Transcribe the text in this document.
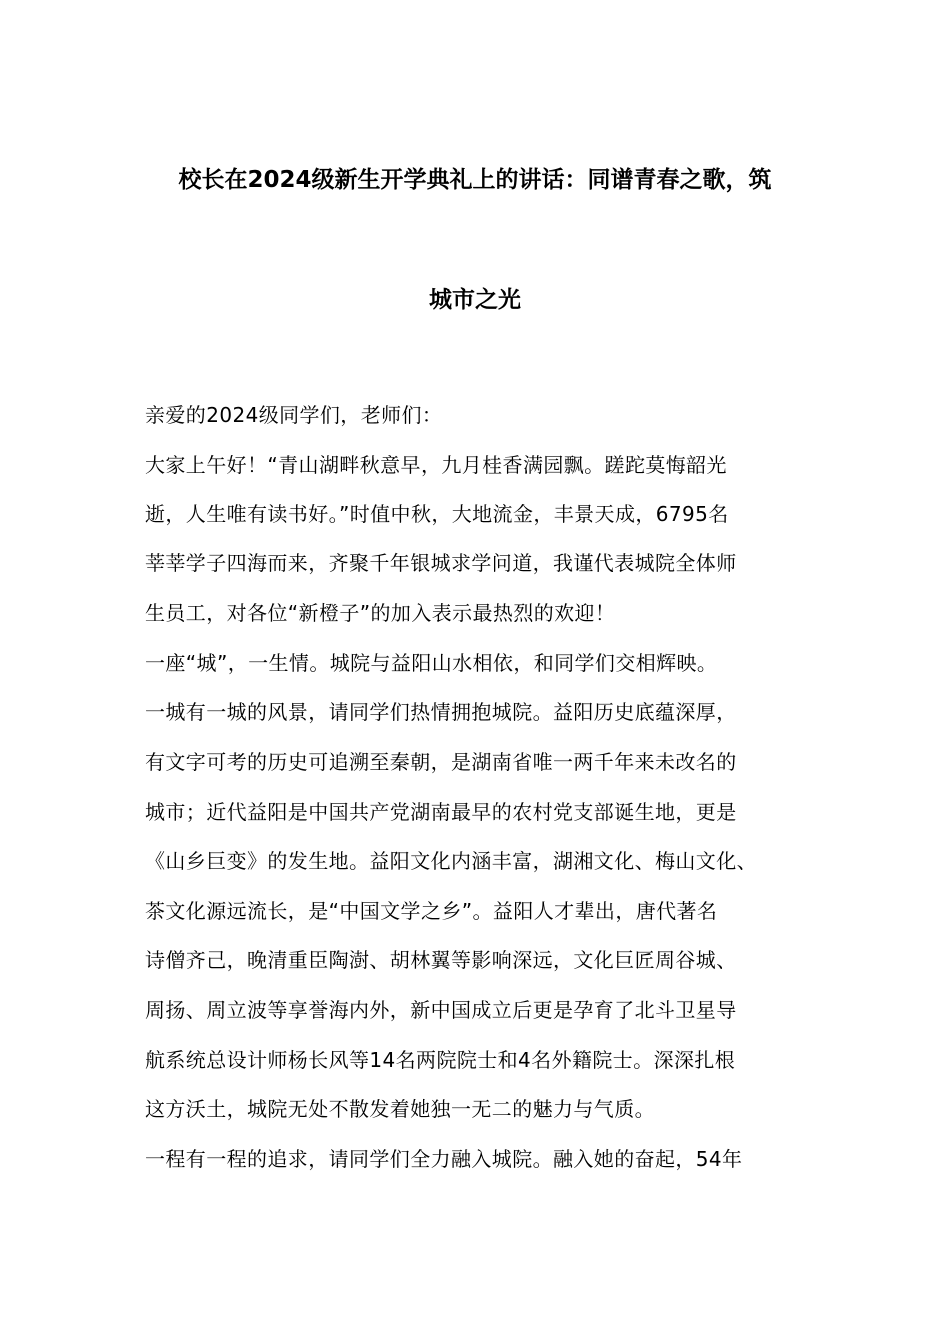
校长在2024级新生开学典礼上的讲话：同谱青春之歌，筑
城市之光
亲爱的2024级同学们，老师们：
大家上午好！“青山湖畔秋意早，九月桂香满园飘。蹉跎莫悔韶光
逝，人生唯有读书好。”时值中秋，大地流金，丰景天成，6795名
莘莘学子四海而来，齐聚千年银城求学问道，我谨代表城院全体师
生员工，对各位“新橙子”的加入表示最热烈的欢迎！
一座“城”，一生情。城院与益阳山水相依，和同学们交相辉映。
一城有一城的风景，请同学们热情拥抱城院。益阳历史底蕴深厚，
有文字可考的历史可追溯至秦朝，是湖南省唯一两千年来未改名的
城市；近代益阳是中国共产党湖南最早的农村党支部诞生地，更是
《山乡巨变》的发生地。益阳文化内涵丰富，湖湘文化、梅山文化、
茶文化源远流长，是“中国文学之乡”。益阳人才辈出，唐代著名
诗僧齐己，晚清重臣陶澍、胡林翼等影响深远，文化巨匠周谷城、
周扬、周立波等享誉海内外，新中国成立后更是孕育了北斗卫星导
航系统总设计师杨长风等14名两院院士和4名外籍院士。深深扎根
这方沃土，城院无处不散发着她独一无二的魅力与气质。
一程有一程的追求，请同学们全力融入城院。融入她的奋起，54年
